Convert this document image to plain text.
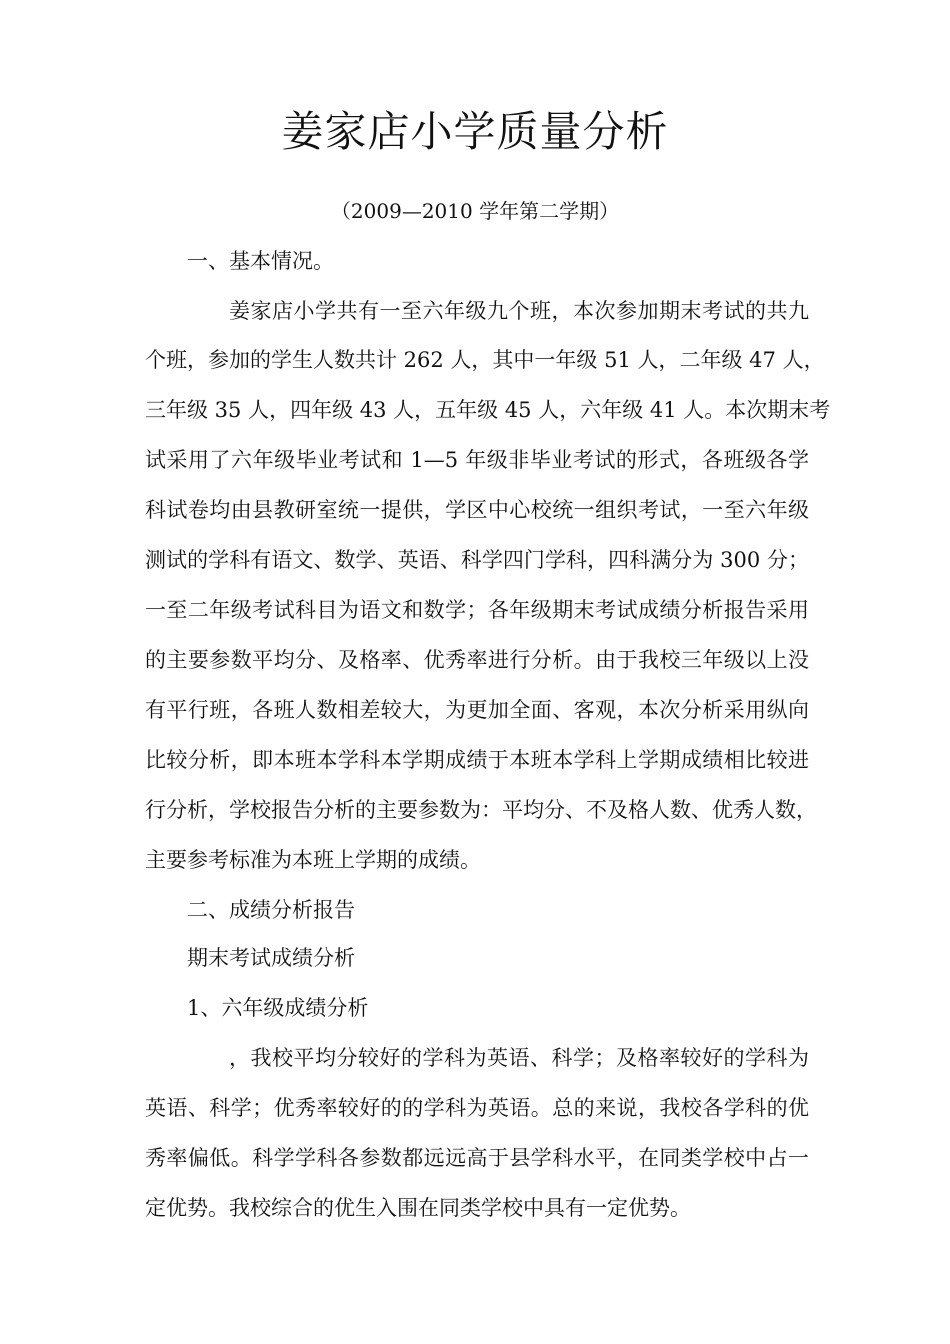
姜家店小学质量分析
（2009—2010 学年第二学期）
一、基本情况。
姜家店小学共有一至六年级九个班，本次参加期末考试的共九
个班，参加的学生人数共计 262 人，其中一年级 51 人，二年级 47 人，
三年级 35 人，四年级 43 人，五年级 45 人，六年级 41 人。本次期末考
试采用了六年级毕业考试和 1—5 年级非毕业考试的形式，各班级各学
科试卷均由县教研室统一提供，学区中心校统一组织考试，一至六年级
测试的学科有语文、数学、英语、科学四门学科，四科满分为 300 分；
一至二年级考试科目为语文和数学；各年级期末考试成绩分析报告采用
的主要参数平均分、及格率、优秀率进行分析。由于我校三年级以上没
有平行班，各班人数相差较大，为更加全面、客观，本次分析采用纵向
比较分析，即本班本学科本学期成绩于本班本学科上学期成绩相比较进
行分析，学校报告分析的主要参数为：平均分、不及格人数、优秀人数，
主要参考标准为本班上学期的成绩。
二、成绩分析报告
期末考试成绩分析
1、六年级成绩分析
，我校平均分较好的学科为英语、科学；及格率较好的学科为
英语、科学；优秀率较好的的学科为英语。总的来说，我校各学科的优
秀率偏低。科学学科各参数都远远高于县学科水平，在同类学校中占一
定优势。我校综合的优生入围在同类学校中具有一定优势。
